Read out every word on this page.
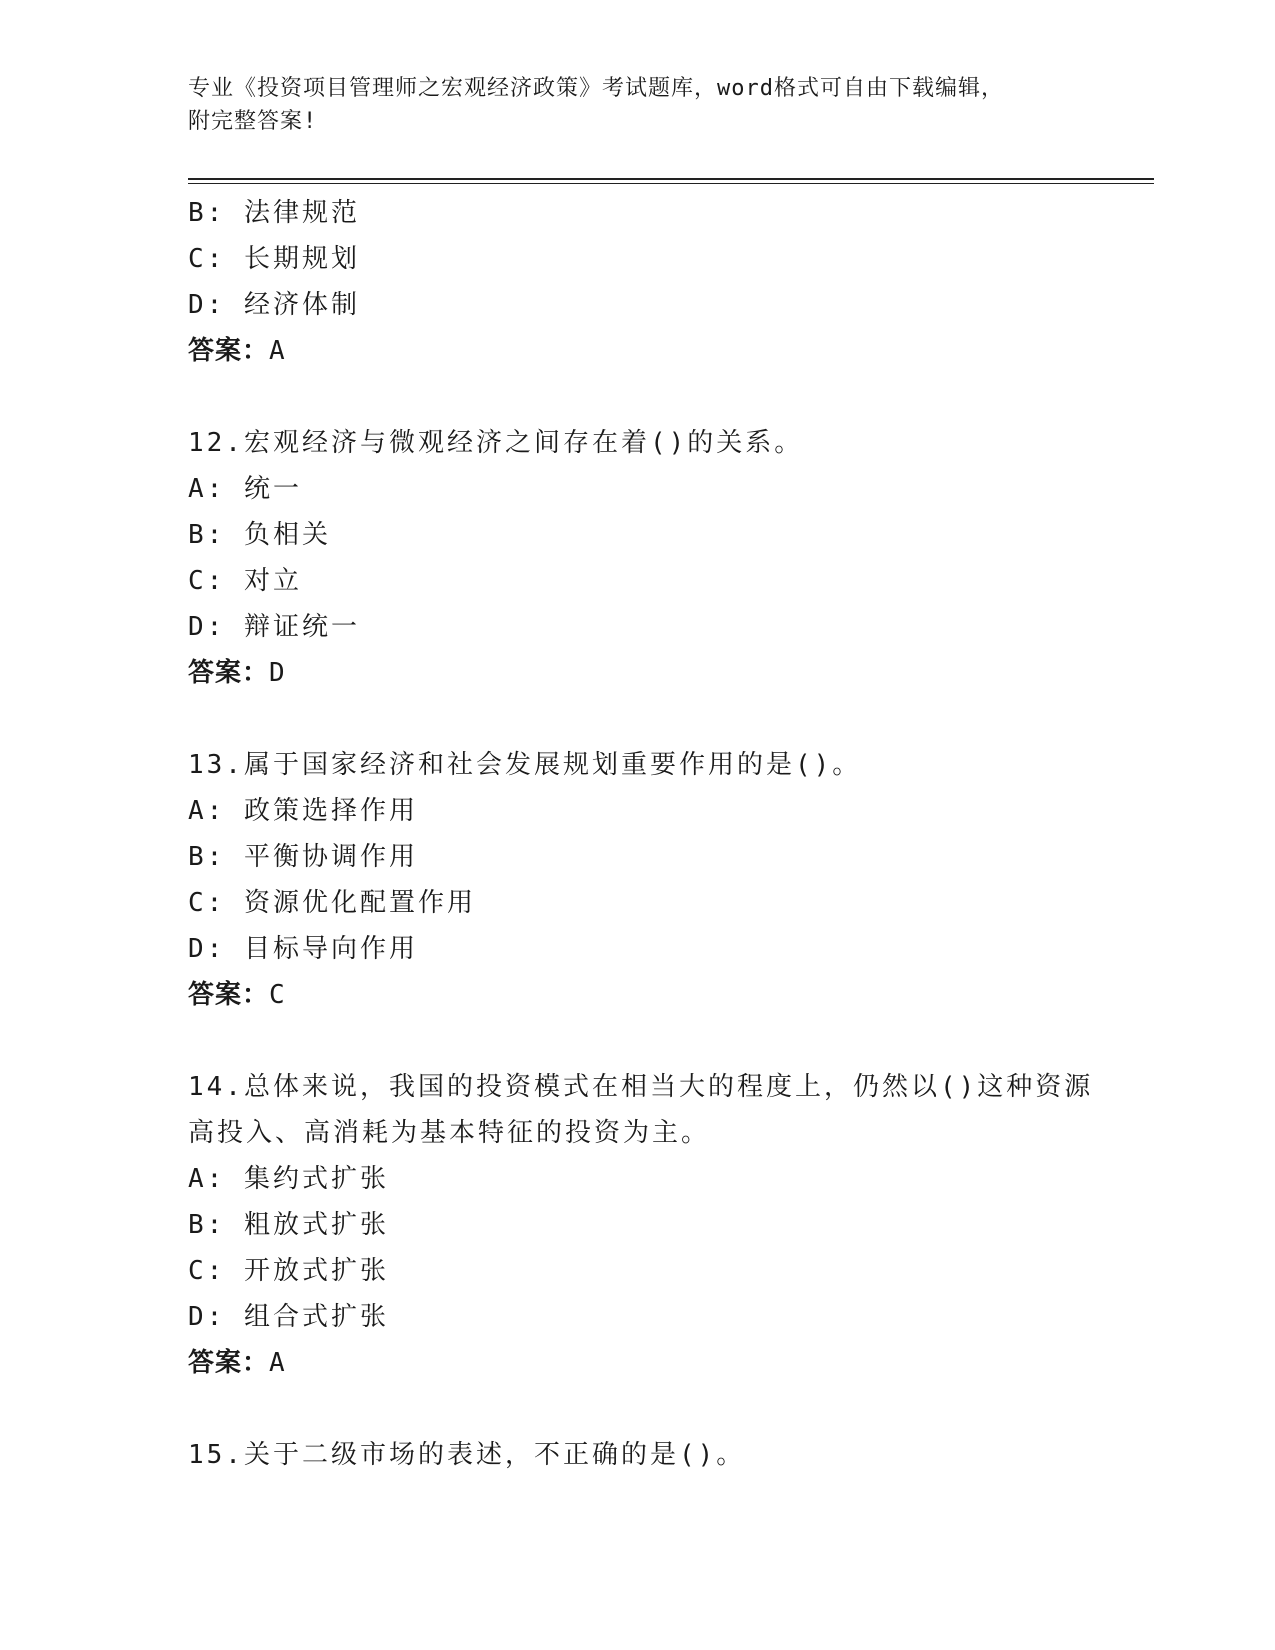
专业《投资项目管理师之宏观经济政策》考试题库，word格式可自由下载编辑，
附完整答案!
B: 法律规范
C: 长期规划
D: 经济体制
答案：A
12.宏观经济与微观经济之间存在着()的关系。
A: 统一
B: 负相关
C: 对立
D: 辩证统一
答案：D
13.属于国家经济和社会发展规划重要作用的是()。
A: 政策选择作用
B: 平衡协调作用
C: 资源优化配置作用
D: 目标导向作用
答案：C
14.总体来说，我国的投资模式在相当大的程度上，仍然以()这种资源
高投入、高消耗为基本特征的投资为主。
A: 集约式扩张
B: 粗放式扩张
C: 开放式扩张
D: 组合式扩张
答案：A
15.关于二级市场的表述，不正确的是()。
